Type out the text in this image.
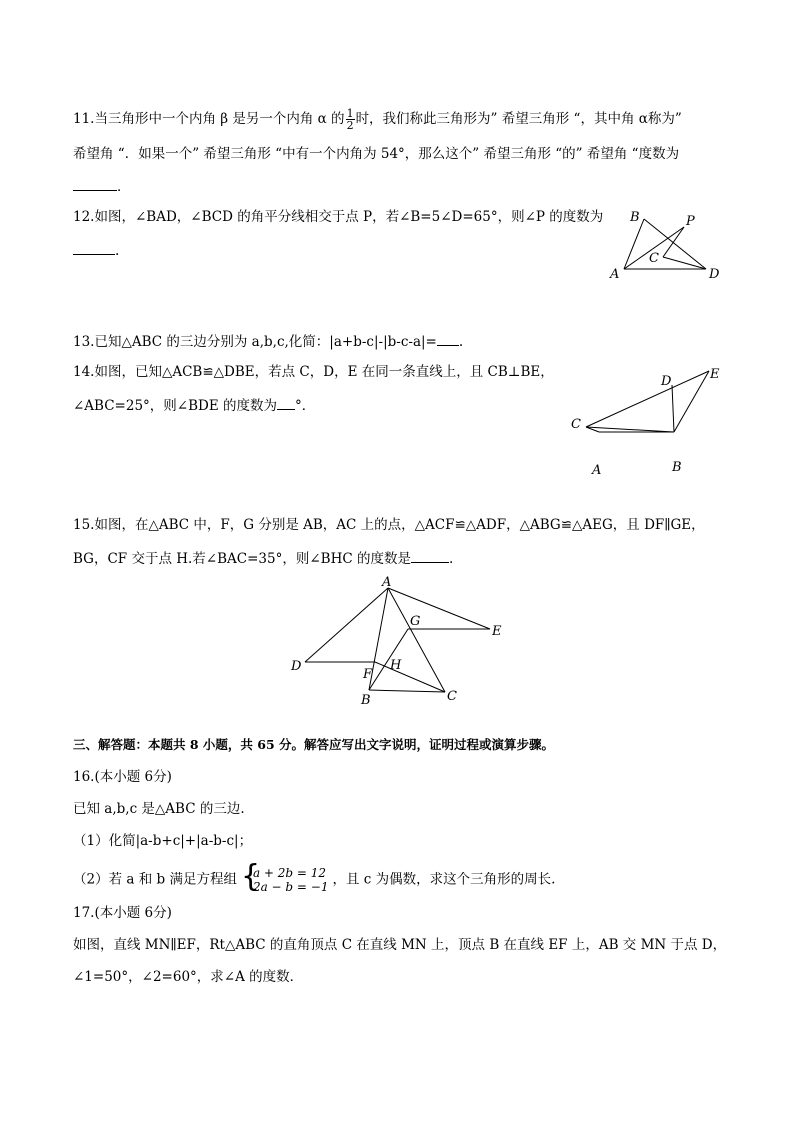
11.当三角形中一个内角 β 是另一个内角 α 的 $\frac{1}{2}$ 时，我们称此三角形为” 希望三角形 “，其中角 α称为”
希望角 “．如果一个” 希望三角形 “中有一个内角为 54°，那么这个” 希望三角形 “的” 希望角 “度数为
．
12.如图，∠BAD，∠BCD 的角平分线相交于点 P，若∠B=5∠D=65°，则∠P 的度数为
.
B	P
C
A	D
13.已知△ABC 的三边分别为 a,b,c,化简：|a+b-c|-|b-c-a|= .
14.如图，已知△ACB≌△DBE，若点 C，D，E 在同一条直线上，且 CB⊥BE，
∠ABC=25°，则∠BDE 的度数为 °．
D	E
C
A	B
15.如图，在△ABC 中，F，G 分别是 AB，AC 上的点，△ACF≌△ADF，△ABG≌△AEG，且 DF∥GE，
BG，CF 交于点 H.若∠BAC=35°，则∠BHC 的度数是	.
A
G
E
D	H
F
B	C
三、解答题：本题共 8 小题，共 65 分。解答应写出文字说明，证明过程或演算步骤。
16.(本小题 6分)
已知 a,b,c 是△ABC 的三边.
（1）化简|a-b+c|+|a-b-c|；
（2）若 a 和 b 满足方程组 {
a + 2b = 12
2a − b = −1 ，且 c 为偶数，求这个三角形的周长.
17.(本小题 6分)
如图，直线 MN∥EF，Rt△ABC 的直角顶点 C 在直线 MN 上，顶点 B 在直线 EF 上，AB 交 MN 于点 D，
∠1=50°，∠2=60°，求∠A 的度数．
